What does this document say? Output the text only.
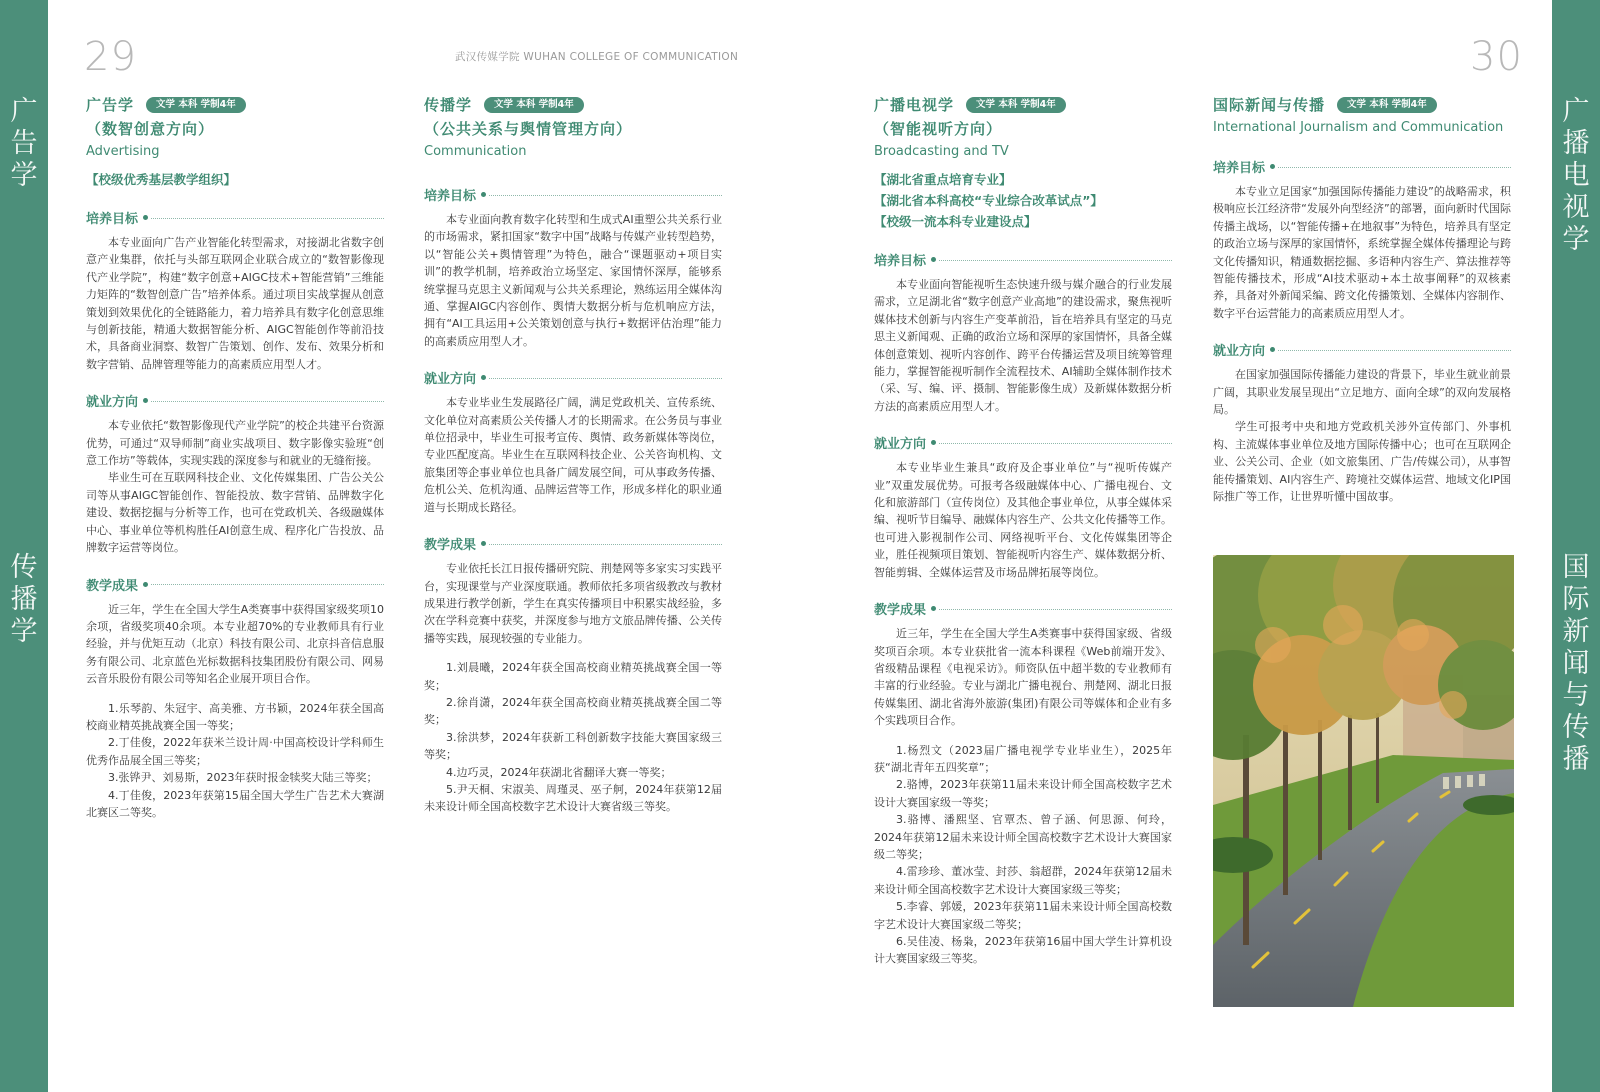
广告学
传播学
广播电视学
国际新闻与传播
29	30
武汉传媒学院 WUHAN COLLEGE OF COMMUNICATION
广告学	文学 本科 学制4年
（数智创意方向）
Advertising
【校级优秀基层教学组织】
培养目标

本专业面向广告产业智能化转型需求，对接湖北省数字创意产业集群，依托与头部互联网企业联合成立的“数智影像现代产业学院”，构建“数字创意+AIGC技术+智能营销”三维能力矩阵的“数智创意广告”培养体系。通过项目实战掌握从创意策划到效果优化的全链路能力，着力培养具有数字化创意思维与创新技能，精通大数据智能分析、AIGC智能创作等前沿技术，具备商业洞察、数智广告策划、创作、发布、效果分析和数字营销、品牌管理等能力的高素质应用型人才。

就业方向

本专业依托“数智影像现代产业学院”的校企共建平台资源优势，可通过“双导师制”商业实战项目、数字影像实验班“创意工作坊”等载体，实现实践的深度参与和就业的无缝衔接。

毕业生可在互联网科技企业、文化传媒集团、广告公关公司等从事AIGC智能创作、智能投放、数字营销、品牌数字化建设、数据挖掘与分析等工作，也可在党政机关、各级融媒体中心、事业单位等机构胜任AI创意生成、程序化广告投放、品牌数字运营等岗位。

教学成果

近三年，学生在全国大学生A类赛事中获得国家级奖项10余项，省级奖项40余项。本专业超70%的专业教师具有行业经验，并与优矩互动（北京）科技有限公司、北京抖音信息服务有限公司、北京蓝色光标数据科技集团股份有限公司、网易云音乐股份有限公司等知名企业展开项目合作。

1.乐琴韵、朱冠宇、高美雅、方书颖，2024年获全国高校商业精英挑战赛全国一等奖；

2.丁佳俊，2022年获米兰设计周·中国高校设计学科师生优秀作品展全国三等奖；

3.张铧尹、刘易斯，2023年获时报金犊奖大陆三等奖；

4.丁佳俊，2023年获第15届全国大学生广告艺术大赛湖北赛区二等奖。

传播学	文学 本科 学制4年
（公共关系与舆情管理方向）
Communication
培养目标

本专业面向教育数字化转型和生成式AI重塑公共关系行业的市场需求，紧扣国家“数字中国”战略与传媒产业转型趋势，以“智能公关+舆情管理”为特色，融合“课题驱动+项目实训”的教学机制，培养政治立场坚定、家国情怀深厚，能够系统掌握马克思主义新闻观与公共关系理论，熟练运用全媒体沟通、掌握AIGC内容创作、舆情大数据分析与危机响应方法，拥有“AI工具运用+公关策划创意与执行+数据评估治理”能力的高素质应用型人才。

就业方向

本专业毕业生发展路径广阔，满足党政机关、宣传系统、文化单位对高素质公关传播人才的长期需求。在公务员与事业单位招录中，毕业生可报考宣传、舆情、政务新媒体等岗位，专业匹配度高。毕业生在互联网科技企业、公关咨询机构、文旅集团等企事业单位也具备广阔发展空间，可从事政务传播、危机公关、危机沟通、品牌运营等工作，形成多样化的职业通道与长期成长路径。

教学成果

专业依托长江日报传播研究院、荆楚网等多家实习实践平台，实现课堂与产业深度联通。教师依托多项省级教改与教材成果进行教学创新，学生在真实传播项目中积累实战经验，多次在学科竞赛中获奖，并深度参与地方文旅品牌传播、公关传播等实践，展现较强的专业能力。

1.刘晨曦，2024年获全国高校商业精英挑战赛全国一等奖；

2.徐肖潇，2024年获全国高校商业精英挑战赛全国二等奖；

3.徐洪梦，2024年获新工科创新数字技能大赛国家级三等奖；

4.边巧灵，2024年获湖北省翻译大赛一等奖；

5.尹天桐、宋淑美、周瑾灵、巫子舸，2024年获第12届未来设计师全国高校数字艺术设计大赛省级三等奖。

广播电视学	文学 本科 学制4年
（智能视听方向）
Broadcasting and TV
【湖北省重点培育专业】
【湖北省本科高校“专业综合改革试点”】
【校级一流本科专业建设点】
培养目标

本专业面向智能视听生态快速升级与媒介融合的行业发展需求，立足湖北省“数字创意产业高地”的建设需求，聚焦视听媒体技术创新与内容生产变革前沿，旨在培养具有坚定的马克思主义新闻观、正确的政治立场和深厚的家国情怀，具备全媒体创意策划、视听内容创作、跨平台传播运营及项目统筹管理能力，掌握智能视听制作全流程技术、AI辅助全媒体制作技术（采、写、编、评、摄制、智能影像生成）及新媒体数据分析方法的高素质应用型人才。

就业方向

本专业毕业生兼具“政府及企事业单位”与“视听传媒产业”双重发展优势。可报考各级融媒体中心、广播电视台、文化和旅游部门（宣传岗位）及其他企事业单位，从事全媒体采编、视听节目编导、融媒体内容生产、公共文化传播等工作。也可进入影视制作公司、网络视听平台、文化传媒集团等企业，胜任视频项目策划、智能视听内容生产、媒体数据分析、智能剪辑、全媒体运营及市场品牌拓展等岗位。

教学成果

近三年，学生在全国大学生A类赛事中获得国家级、省级奖项百余项。本专业获批省一流本科课程《Web前端开发》、省级精品课程《电视采访》。师资队伍中超半数的专业教师有丰富的行业经验。专业与湖北广播电视台、荆楚网、湖北日报传媒集团、湖北省海外旅游(集团)有限公司等媒体和企业有多个实践项目合作。

1.杨烈文（2023届广播电视学专业毕业生），2025年获“湖北青年五四奖章”；

2.骆博，2023年获第11届未来设计师全国高校数字艺术设计大赛国家级一等奖；

3.骆博、潘熙坚、官覃杰、曾子涵、何思源、何玲，2024年获第12届未来设计师全国高校数字艺术设计大赛国家级二等奖；

4.雷珍珍、董冰莹、封莎、翁超群，2024年获第12届未来设计师全国高校数字艺术设计大赛国家级三等奖；

5.李睿、郭媛，2023年获第11届未来设计师全国高校数字艺术设计大赛国家级二等奖；

6.吴佳凌、杨枭，2023年获第16届中国大学生计算机设计大赛国家级三等奖。

国际新闻与传播	文学 本科 学制4年
International Journalism and Communication
培养目标

本专业立足国家“加强国际传播能力建设”的战略需求，积极响应长江经济带“发展外向型经济”的部署，面向新时代国际传播主战场，以“智能传播+在地叙事”为特色，培养具有坚定的政治立场与深厚的家国情怀，系统掌握全媒体传播理论与跨文化传播知识，精通数据挖掘、多语种内容生产、算法推荐等智能传播技术，形成“AI技术驱动+本土故事阐释”的双核素养，具备对外新闻采编、跨文化传播策划、全媒体内容制作、数字平台运营能力的高素质应用型人才。

就业方向

在国家加强国际传播能力建设的背景下，毕业生就业前景广阔，其职业发展呈现出“立足地方、面向全球”的双向发展格局。

学生可报考中央和地方党政机关涉外宣传部门、外事机构、主流媒体事业单位及地方国际传播中心；也可在互联网企业、公关公司、企业（如文旅集团、广告/传媒公司），从事智能传播策划、AI内容生产、跨境社交媒体运营、地域文化IP国际推广等工作，让世界听懂中国故事。
